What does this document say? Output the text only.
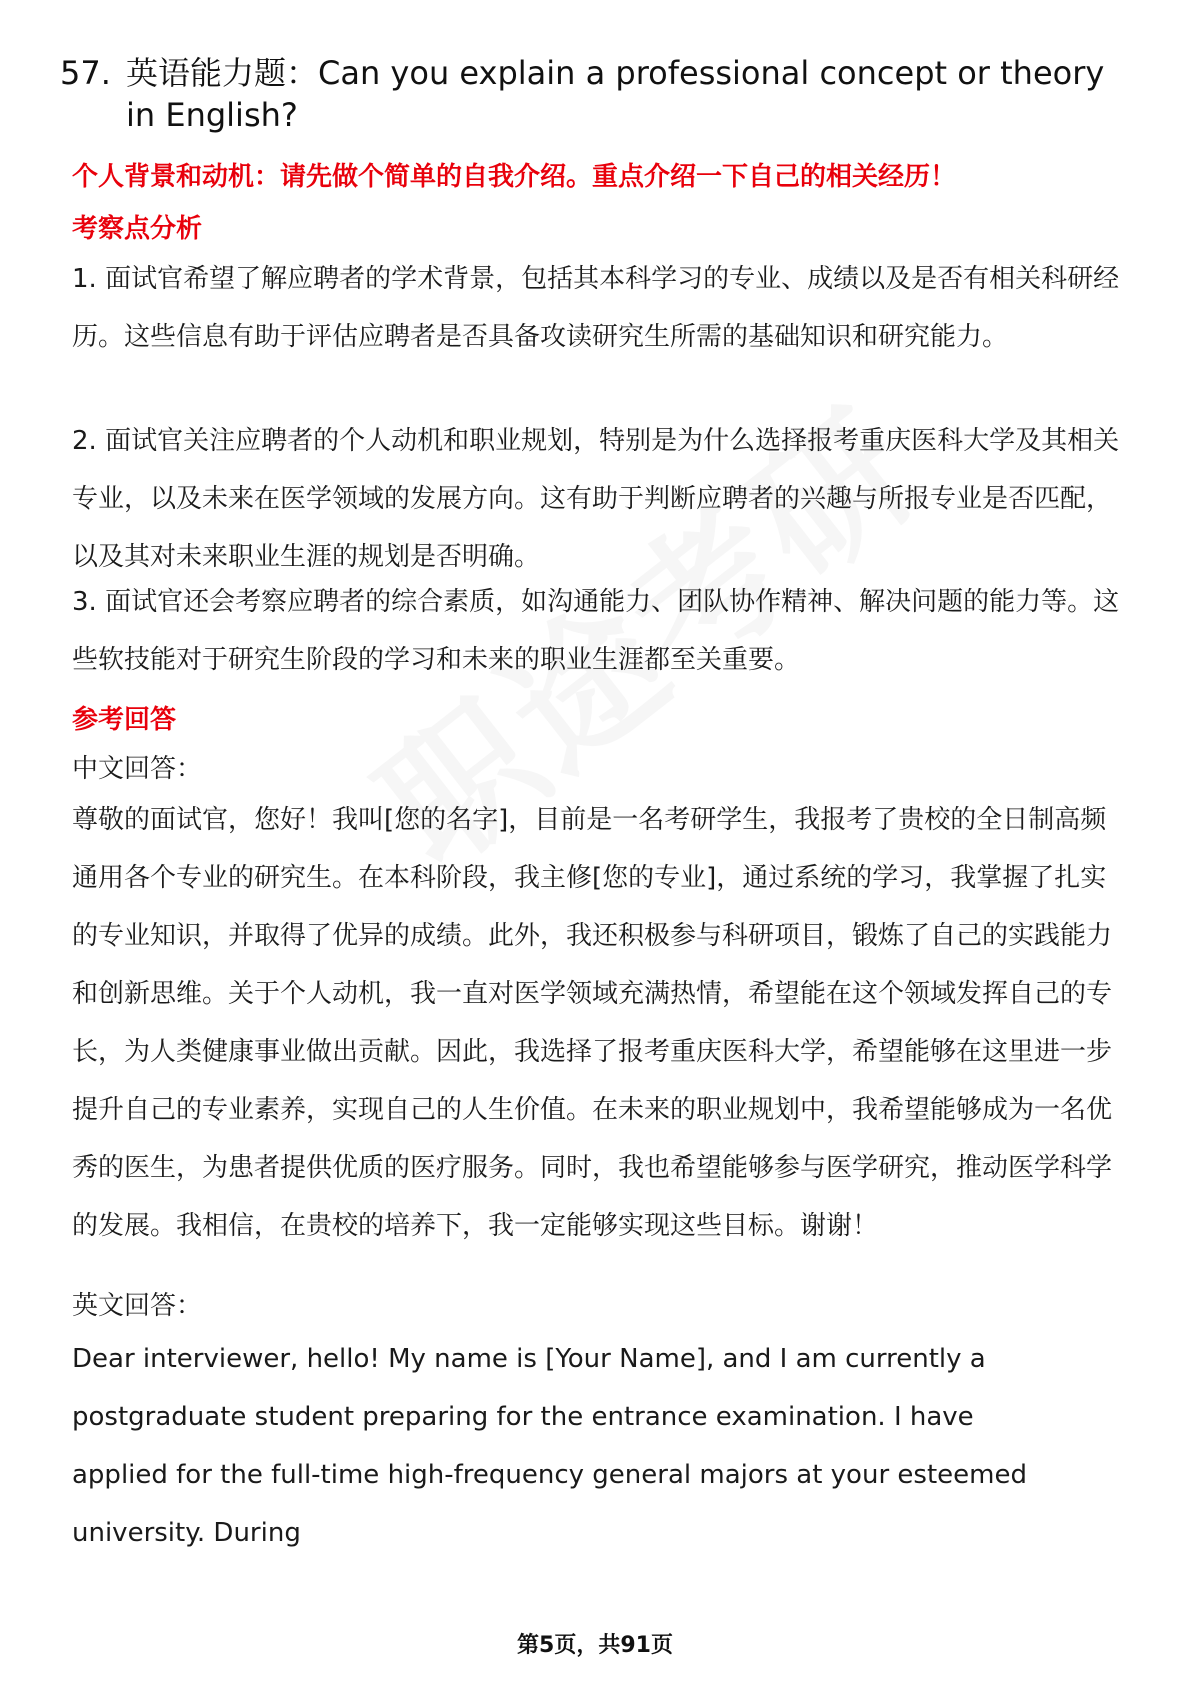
57. 英语能力题：Can you explain a professional concept or theory in English?
个人背景和动机：请先做个简单的自我介绍。重点介绍一下自己的相关经历！
考察点分析
1. 面试官希望了解应聘者的学术背景，包括其本科学习的专业、成绩以及是否有相关科研经历。这些信息有助于评估应聘者是否具备攻读研究生所需的基础知识和研究能力。
2. 面试官关注应聘者的个人动机和职业规划，特别是为什么选择报考重庆医科大学及其相关专业，以及未来在医学领域的发展方向。这有助于判断应聘者的兴趣与所报专业是否匹配，以及其对未来职业生涯的规划是否明确。
3. 面试官还会考察应聘者的综合素质，如沟通能力、团队协作精神、解决问题的能力等。这些软技能对于研究生阶段的学习和未来的职业生涯都至关重要。
参考回答
中文回答：
尊敬的面试官，您好！我叫[您的名字]，目前是一名考研学生，我报考了贵校的全日制高频通用各个专业的研究生。在本科阶段，我主修[您的专业]，通过系统的学习，我掌握了扎实的专业知识，并取得了优异的成绩。此外，我还积极参与科研项目，锻炼了自己的实践能力和创新思维。关于个人动机，我一直对医学领域充满热情，希望能在这个领域发挥自己的专长，为人类健康事业做出贡献。因此，我选择了报考重庆医科大学，希望能够在这里进一步提升自己的专业素养，实现自己的人生价值。在未来的职业规划中，我希望能够成为一名优秀的医生，为患者提供优质的医疗服务。同时，我也希望能够参与医学研究，推动医学科学的发展。我相信，在贵校的培养下，我一定能够实现这些目标。谢谢！
英文回答：
Dear interviewer, hello! My name is [Your Name], and I am currently a postgraduate student preparing for the entrance examination. I have applied for the full-time high-frequency general majors at your esteemed university. During
第5页，共91页
